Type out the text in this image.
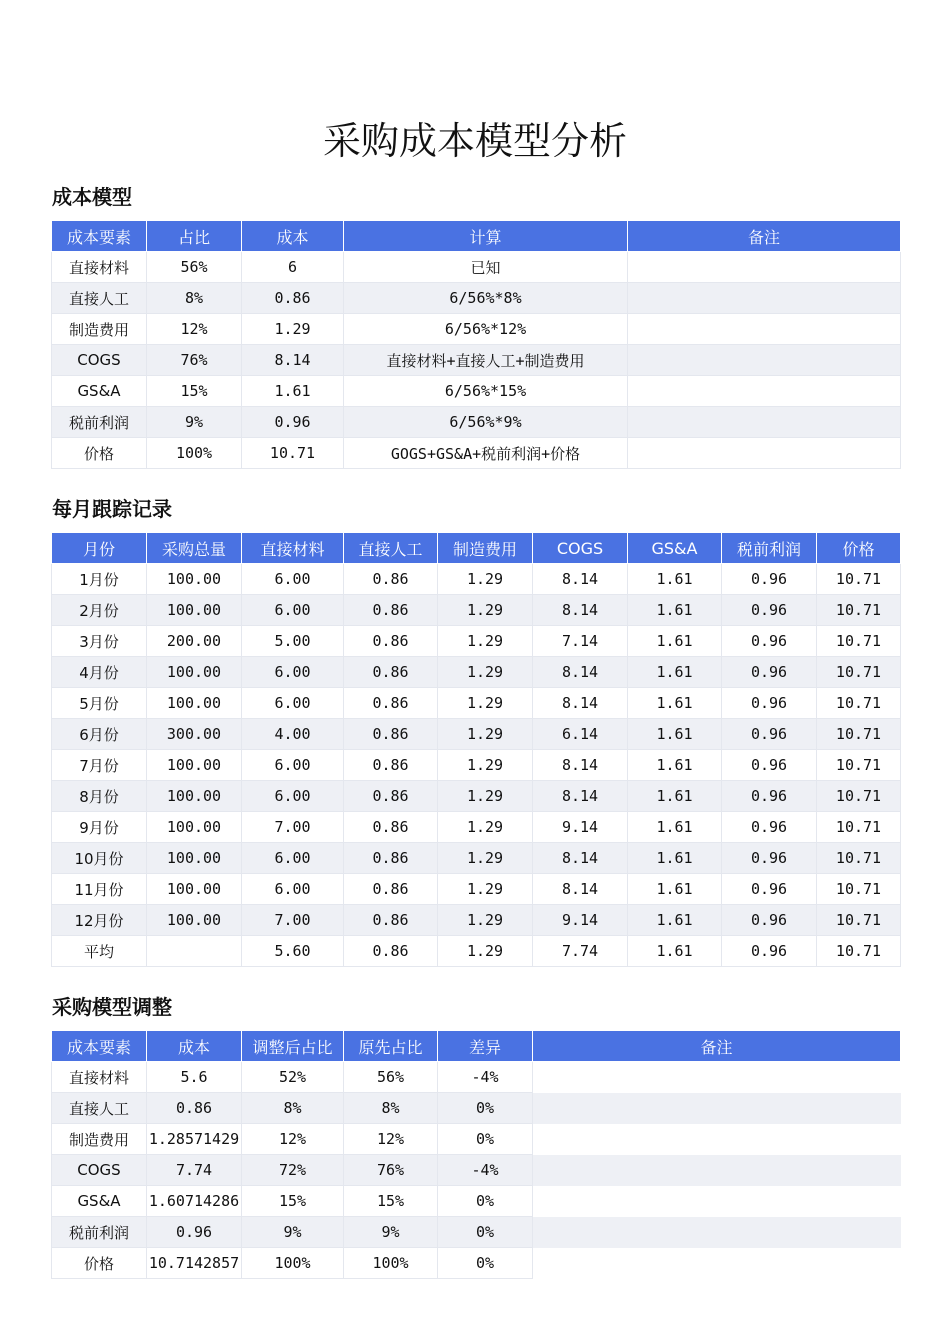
采购成本模型分析
成本模型
成本要素	占比	成本	计算	备注
直接材料	56%	6	已知	
直接人工	8%	0.86	6/56%*8%	
制造费用	12%	1.29	6/56%*12%	
COGS	76%	8.14	直接材料+直接人工+制造费用	
GS&A	15%	1.61	6/56%*15%	
税前利润	9%	0.96	6/56%*9%	
价格	100%	10.71	GOGS+GS&A+税前利润+价格	
每月跟踪记录
月份	采购总量	直接材料	直接人工	制造费用	COGS	GS&A	税前利润	价格
1月份	100.00	6.00	0.86	1.29	8.14	1.61	0.96	10.71
2月份	100.00	6.00	0.86	1.29	8.14	1.61	0.96	10.71
3月份	200.00	5.00	0.86	1.29	7.14	1.61	0.96	10.71
4月份	100.00	6.00	0.86	1.29	8.14	1.61	0.96	10.71
5月份	100.00	6.00	0.86	1.29	8.14	1.61	0.96	10.71
6月份	300.00	4.00	0.86	1.29	6.14	1.61	0.96	10.71
7月份	100.00	6.00	0.86	1.29	8.14	1.61	0.96	10.71
8月份	100.00	6.00	0.86	1.29	8.14	1.61	0.96	10.71
9月份	100.00	7.00	0.86	1.29	9.14	1.61	0.96	10.71
10月份	100.00	6.00	0.86	1.29	8.14	1.61	0.96	10.71
11月份	100.00	6.00	0.86	1.29	8.14	1.61	0.96	10.71
12月份	100.00	7.00	0.86	1.29	9.14	1.61	0.96	10.71
平均		5.60	0.86	1.29	7.74	1.61	0.96	10.71
采购模型调整
成本要素	成本	调整后占比	原先占比	差异	备注
直接材料	5.6	52%	56%	-4%	
直接人工	0.86	8%	8%	0%	
制造费用	1.28571429	12%	12%	0%	
COGS	7.74	72%	76%	-4%	
GS&A	1.60714286	15%	15%	0%	
税前利润	0.96	9%	9%	0%	
价格	10.7142857	100%	100%	0%	
